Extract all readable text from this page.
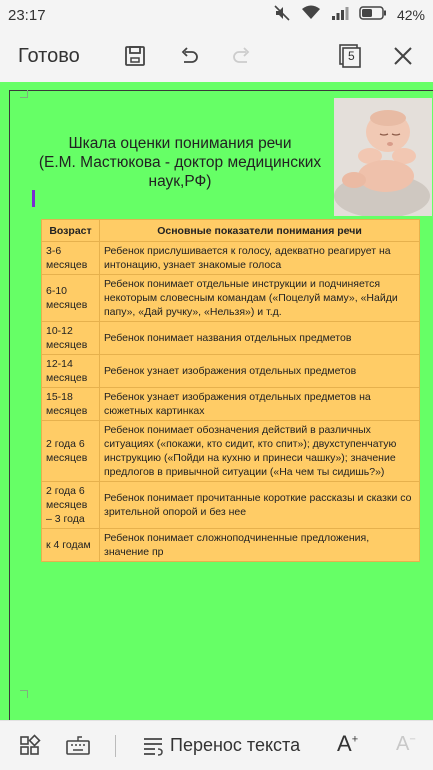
23:17	42%
Готово	5
Шкала оценки понимания речи
(Е.М. Мастюкова - доктор медицинских
наук,РФ)
Возраст	Основные показатели понимания речи
3-6 месяцев	Ребенок прислушивается к голосу, адекватно реагирует на интонацию, узнает знакомые голоса
6-10 месяцев	Ребенок понимает отдельные инструкции и подчиняется некоторым словесным командам («Поцелуй маму», «Найди папу», «Дай ручку», «Нельзя») и т.д.
10-12 месяцев	Ребенок понимает названия отдельных предметов
12-14 месяцев	Ребенок узнает изображения отдельных предметов
15-18 месяцев	Ребенок узнает изображения отдельных предметов на сюжетных картинках
2 года 6 месяцев	Ребенок понимает обозначения действий в различных ситуациях («покажи, кто сидит, кто спит»); двухступенчатую инструкцию («Пойди на кухню и принеси чашку»); значение предлогов в привычной ситуации («На чем ты сидишь?»)
2 года 6 месяцев – 3 года	Ребенок понимает прочитанные короткие рассказы и сказки со зрительной опорой и без нее
к 4 годам	Ребенок понимает сложноподчиненные предложения, значение пр
Перенос текста A+ A−
